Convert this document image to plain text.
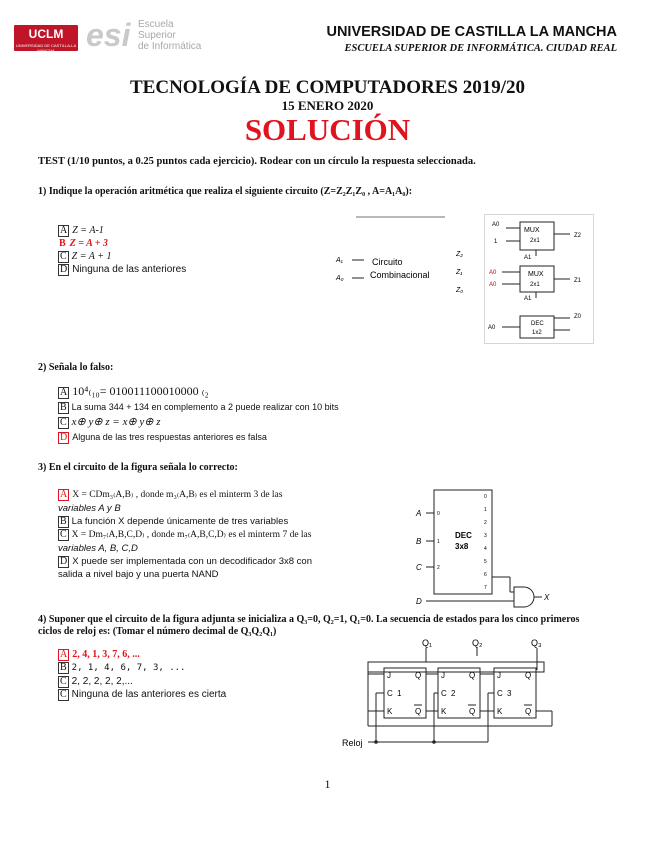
UCLM
UNIVERSIDAD DE CASTILLA-LA MANCHA esi Escuela
Superior
de Informática
UNIVERSIDAD DE CASTILLA LA MANCHA
ESCUELA SUPERIOR DE INFORMÁTICA. CIUDAD REAL
TECNOLOGÍA DE COMPUTADORES 2019/20
15 ENERO 2020
SOLUCIÓN
TEST (1/10 puntos, a 0.25 puntos cada ejercicio). Rodear con un círculo la respuesta seleccionada.
1) Indique la operación aritmética que realiza el siguiente circuito (Z=Z₂Z₁Z₀ , A=A₁A₀):
A Z = A-1
B Z = A + 3
C Z = A + 1
D Ninguna de las anteriores
A₁
A₀
Circuito
Combinacional
Z₂
Z₁
Z₀
MUX
2x1
A0
1
Z2
A1
MUX
2x1
A0
A0
Z1
A1
DEC
1x2
A0
Z0
2) Señala lo falso:
A 10⁴₍₁₀= 010011100010000 ₍₂
B La suma 344 + 134 en complemento a 2 puede realizar con 10 bits
C x⊕ y⊕ z = x⊕ y⊕ z
D Alguna de las tres respuestas anteriores es falsa
3) En el circuito de la figura señala lo correcto:
A X = CDm₃₍A,B₎ , donde m₃₍A,B₎ es el minterm 3 de las
variables A y B
B La función X depende únicamente de tres variables
C X = Dm₇₍A,B,C,D₎ , donde m₇₍A,B,C,D₎ es el minterm 7 de las
variables A, B, C,D
D X puede ser implementada con un decodificador 3x8 con
salida a nivel bajo y una puerta NAND
DEC
3x8
A
B
C
0
1
2
0
1
2
3
4
5
6
7
D	X
4) Suponer que el circuito de la figura adjunta se inicializa a Q₃=0, Q₂=1, Q₁=0. La secuencia de estados para los cinco primeros
ciclos de reloj es: (Tomar el número decimal de Q₃Q₂Q₁)
A 2, 4, 1, 3, 7, 6, ...
B 2, 1, 4, 6, 7, 3, ...
C 2, 2, 2, 2, 2,...
C Ninguna de las anteriores es cierta
Q₁	Q₂	Q₃
J
C 1
K
Q
Q
J
C 2
K
Q
Q
J
C 3
K
Q
Q
Reloj
1
